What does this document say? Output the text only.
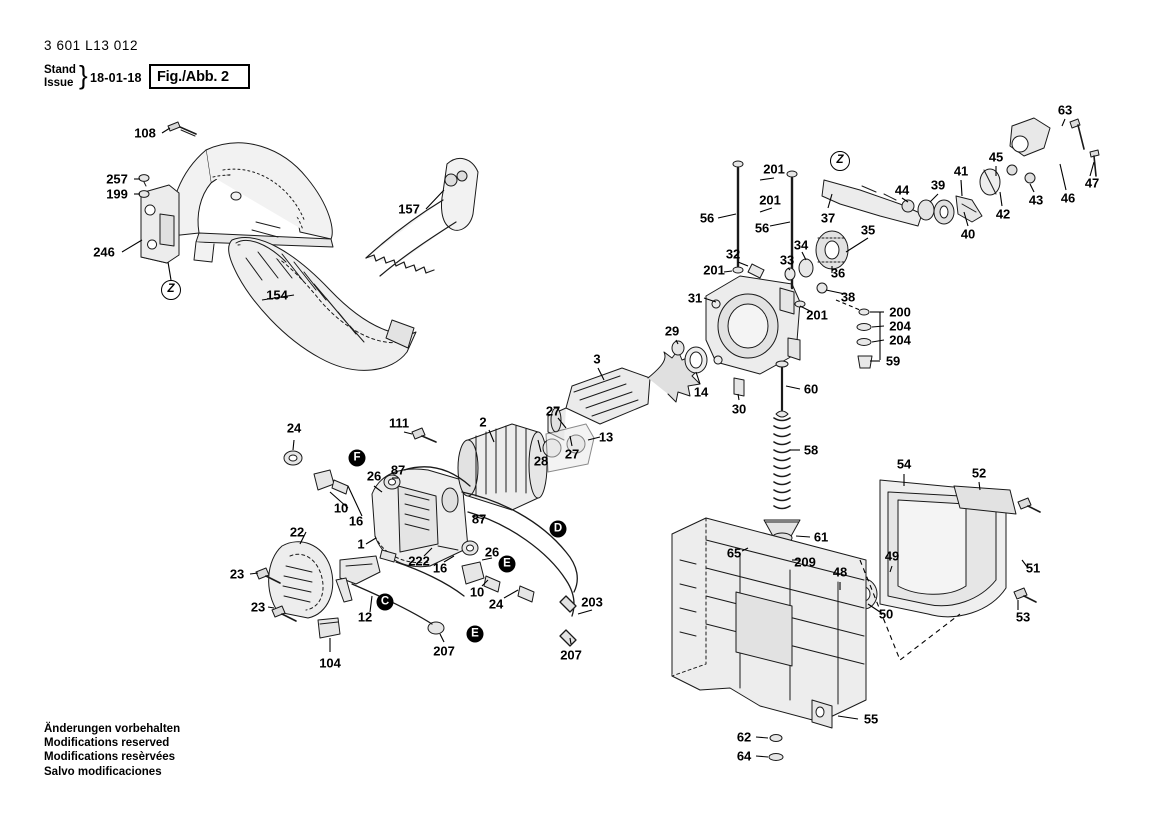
3 601 L13 012
Stand
Issue } 18-01-18 Fig./Abb. 2
108
257
199
246
154
157
24	111
26 87
10
16
22
1
222 16
23
23
12
104
207
26
10
24
207
203
2
87
28
27
27
13
3
29
14
30
31
32	33
34
36
35
38
37
39
44
41
45
63
47
46
43
42
40
56
56
201
201
201
201	200
204
204
59
60
58
61
65
209
48
49
50
54
52
51
53
55
62
64
F
C
E
E
D
Z
Z
Änderungen vorbehalten
Modifications reserved
Modifications resèrvées
Salvo modificaciones
